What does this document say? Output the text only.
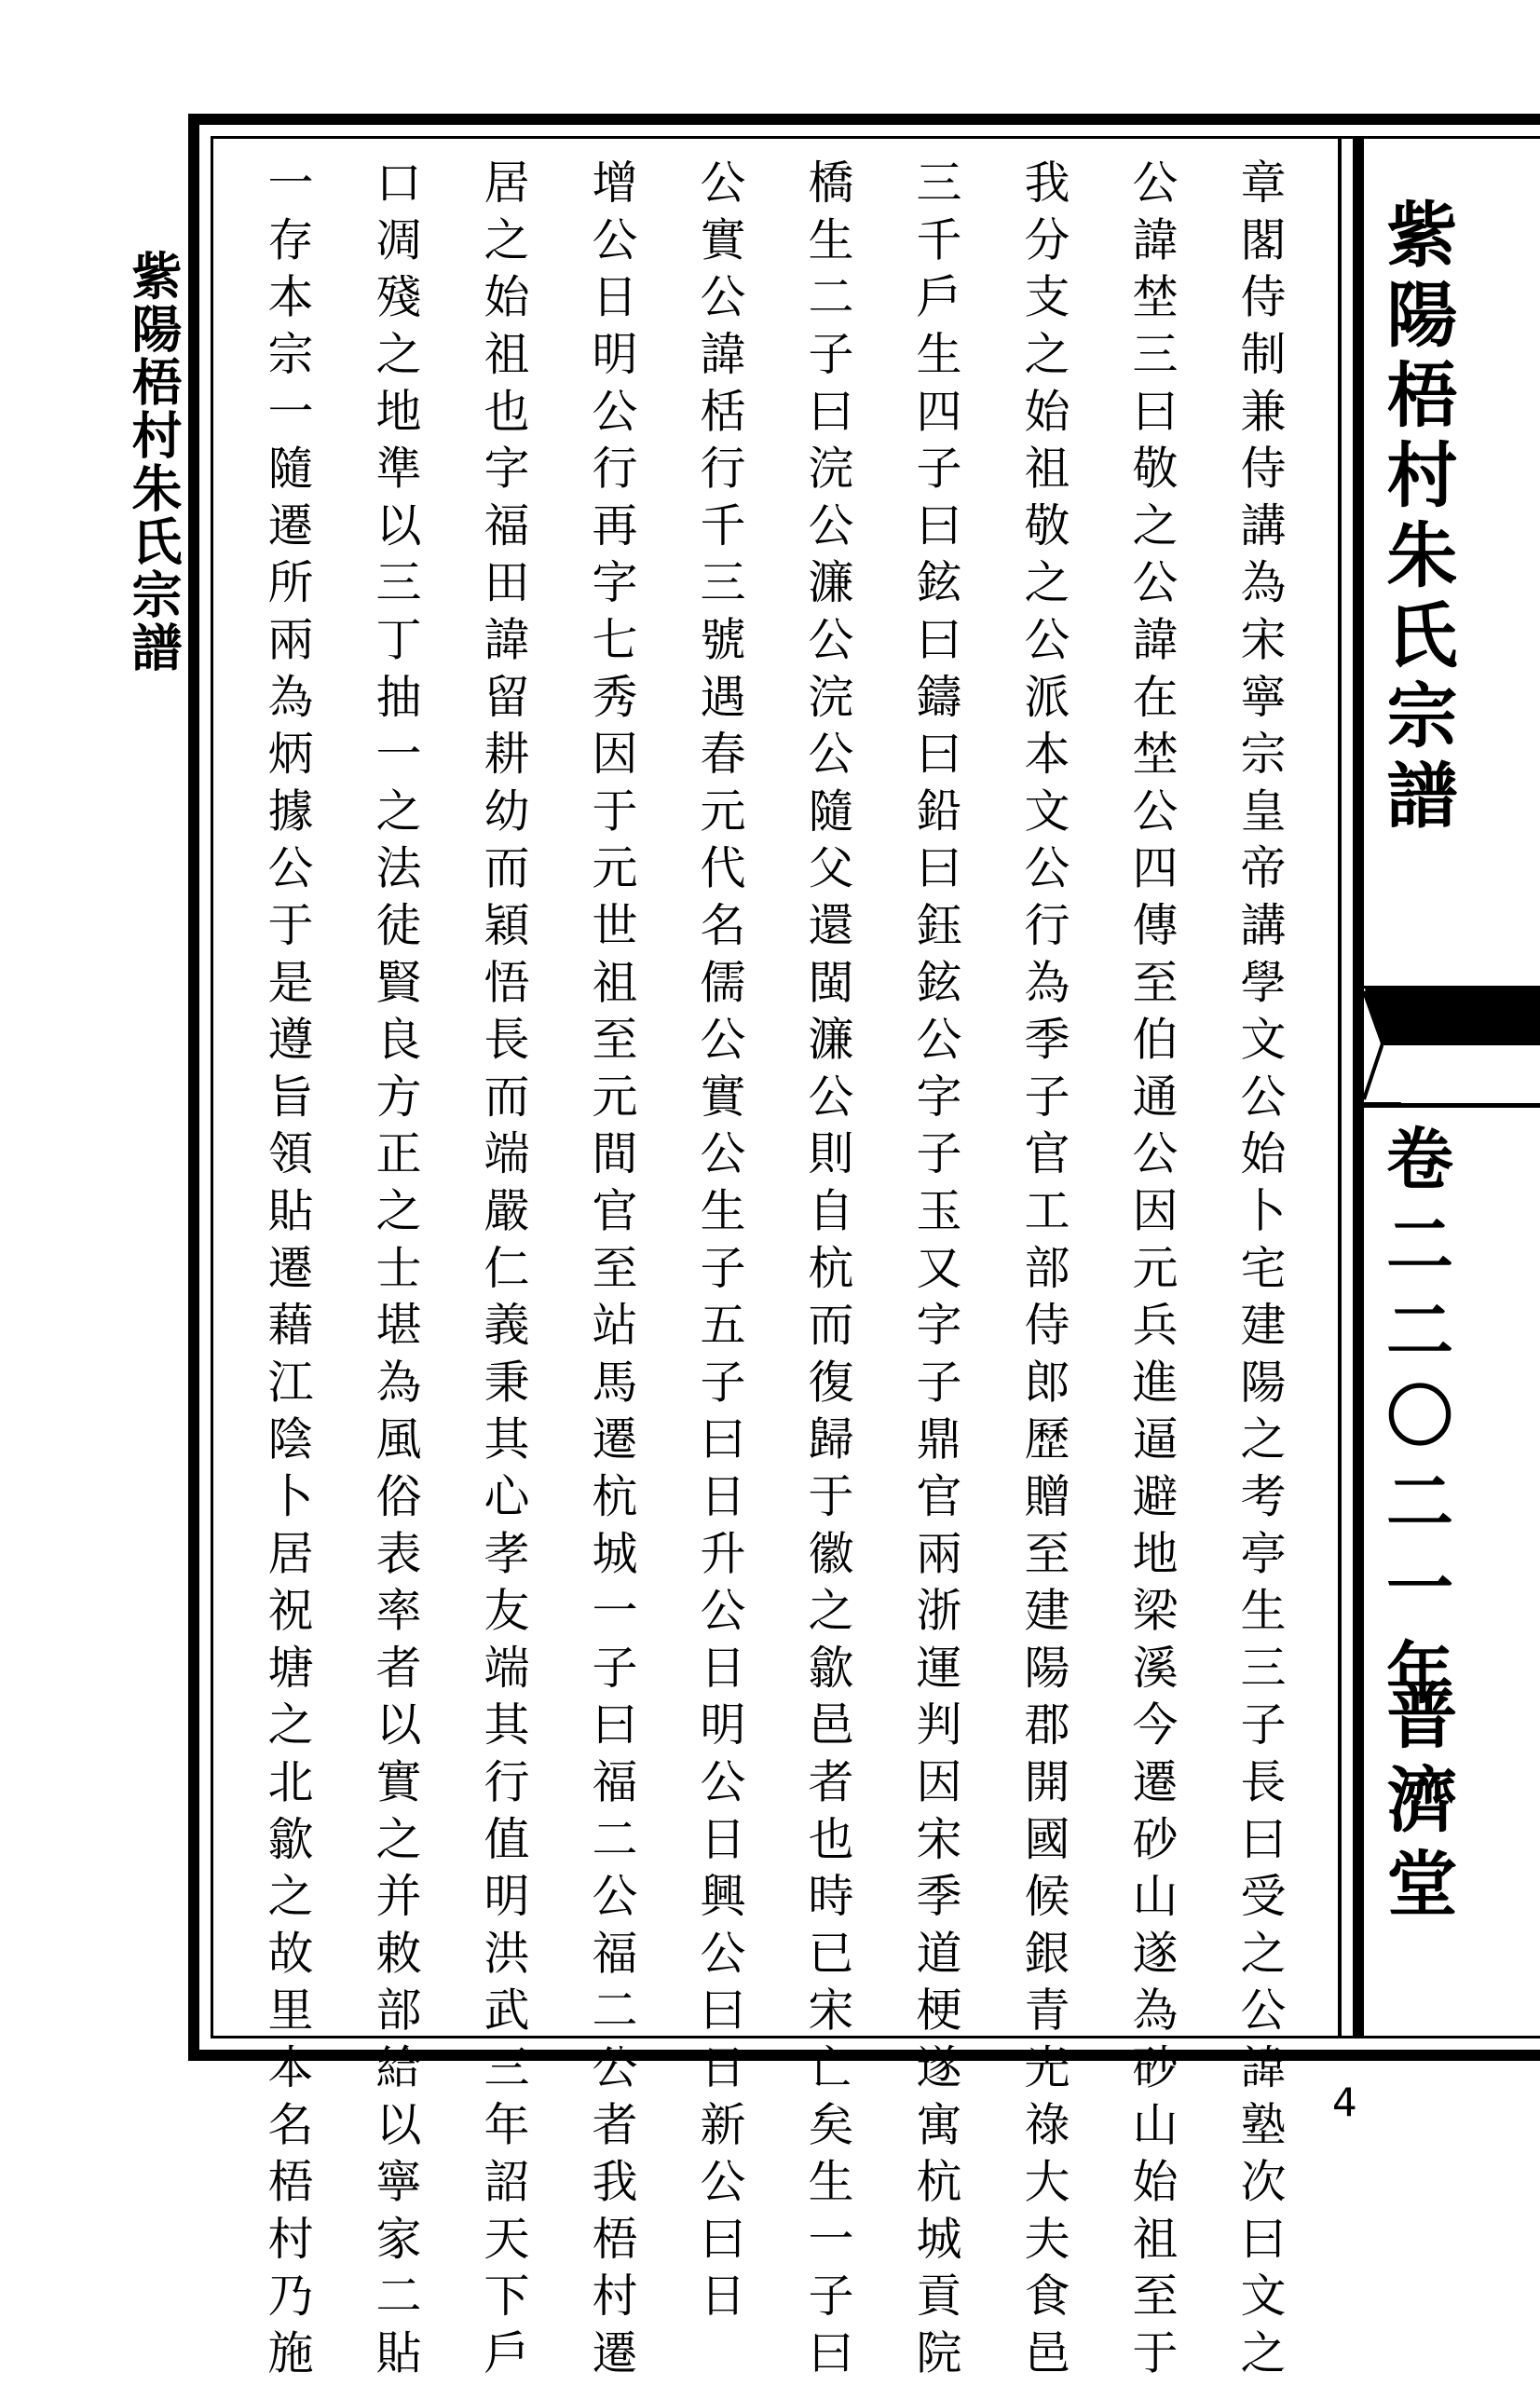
紫陽梧村朱氏宗譜	章閣侍制兼侍講為宋寧宗皇帝講學文公始卜宅建陽之考亭生三子長曰受之公諱塾次曰文之
公諱埜三曰敬之公諱在埜公四傳至伯通公因元兵進逼避地梁溪今遷砂山遂為砂山始祖至于
我分支之始祖敬之公派本文公行為季子官工部侍郎歷贈至建陽郡開國候銀青光祿大夫食邑
三千戶生四子曰鉉曰鑄曰鉛曰鈺鉉公字子玉又字子鼎官兩浙運判因宋季道梗遂寓杭城貢院
橋生二子曰浣公濂公浣公隨父還閩濂公則自杭而復歸于徽之歙邑者也時已宋亡矣生一子曰
公實公諱栝行千三號遇春元代名儒公實公生子五子曰日升公日明公日興公曰日新公曰日
增公日明公行再字七秀因于元世祖至元間官至站馬遷杭城一子曰福二公福二公者我梧村遷
居之始祖也字福田諱留耕幼而穎悟長而端嚴仁義秉其心孝友端其行值明洪武三年詔天下戶
口凋殘之地準以三丁抽一之法徒賢良方正之士堪為風俗表率者以實之并敕部給以寧家二貼
一存本宗一隨遷所兩為炳據公于是遵旨領貼遷藉江陰卜居祝塘之北歙之故里本名梧村乃施	紫陽梧村朱氏宗譜
卷二二〇二一年
普濟堂
4
